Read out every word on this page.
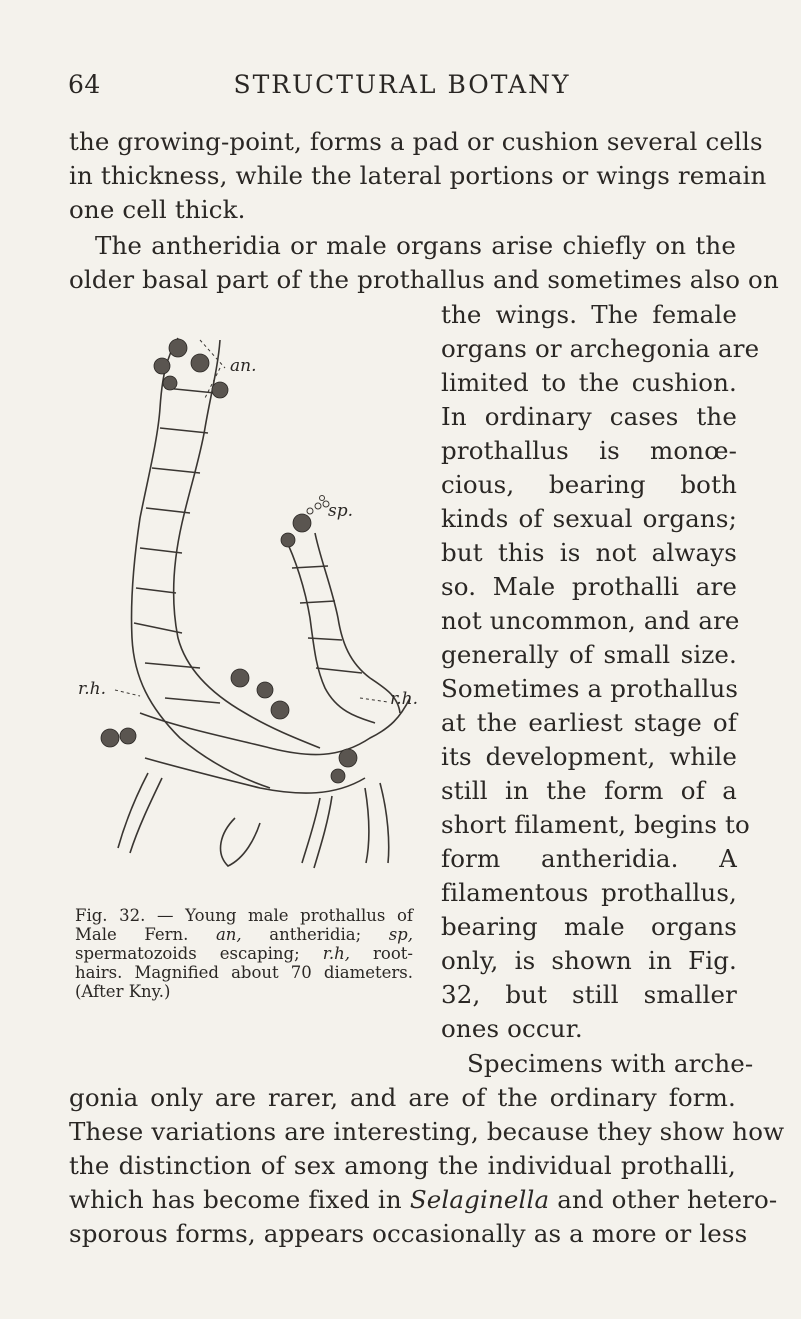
64	STRUCTURAL BOTANY
the growing-point, forms a pad or cushion several cells
in thickness, while the lateral portions or wings remain
one cell thick.
The antheridia or male organs arise chiefly on the
older basal part of the prothallus and sometimes also on
the wings. The female
organs or archegonia are
limited to the cushion.
In ordinary cases the
prothallus is monœ-
cious, bearing both
kinds of sexual organs;
but this is not always
so. Male prothalli are
not uncommon, and are
generally of small size.
Sometimes a prothallus
at the earliest stage of
its development, while
still in the form of a
short filament, begins to
form antheridia. A
filamentous prothallus,
bearing male organs
only, is shown in Fig.
32, but still smaller
ones occur.
Specimens with arche-
gonia only are rarer, and are of the ordinary form.
These variations are interesting, because they show how
the distinction of sex among the individual prothalli,
which has become fixed in Selaginella and other hetero-
sporous forms, appears occasionally as a more or less
an.
sp.
r.h.	r.h.
Fig. 32. — Young male prothallus of
Male Fern. an, antheridia; sp,
spermatozoids escaping; r.h, root-
hairs. Magnified about 70 diameters.
(After Kny.)
